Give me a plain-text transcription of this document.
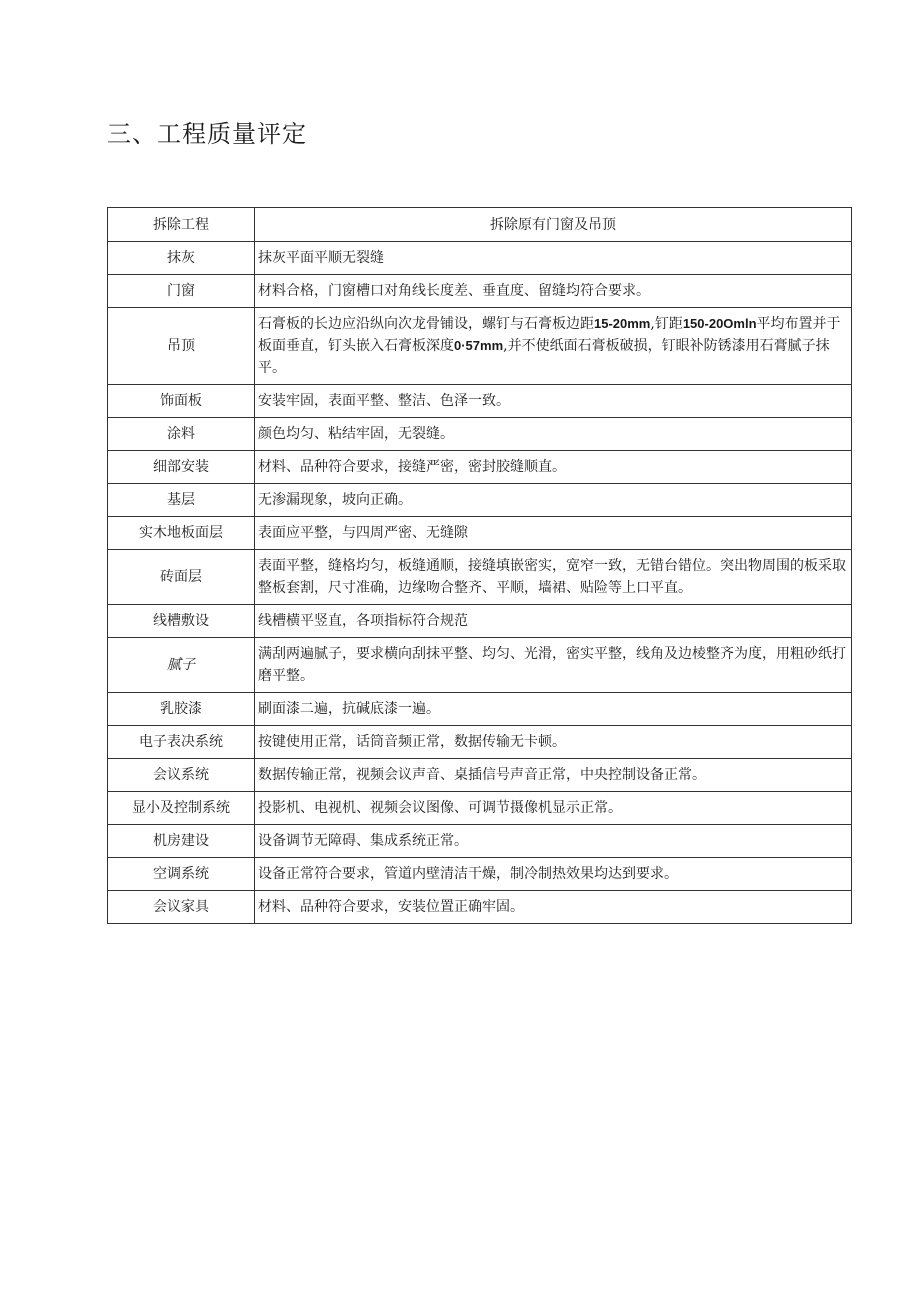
三、工程质量评定
拆除工程	拆除原有门窗及吊顶
抹灰	抹灰平面平顺无裂缝
门窗	材料合格，门窗槽口对角线长度差、垂直度、留缝均符合要求。
吊顶	石膏板的长边应沿纵向次龙骨铺设，螺钉与石膏板边距15-20mm,钉距150-20Omln平均布置并于板面垂直，钉头嵌入石膏板深度0·57mm,并不使纸面石膏板破损，钉眼补防锈漆用石膏腻子抹平。
饰面板	安装牢固，表面平整、整洁、色泽一致。
涂料	颜色均匀、粘结牢固，无裂缝。
细部安装	材料、品种符合要求，接缝严密，密封胶缝顺直。
基层	无渗漏现象，坡向正确。
实木地板面层	表面应平整，与四周严密、无缝隙
砖面层	表面平整，缝格均匀，板缝通顺，接缝填嵌密实，宽窄一致，无错台错位。突出物周围的板采取整板套割，尺寸准确，边缘吻合整齐、平顺，墙裙、贴险等上口平直。
线槽敷设	线槽横平竖直，各项指标符合规范
腻子	满刮两遍腻子，要求横向刮抹平整、均匀、光滑，密实平整，线角及边棱整齐为度，用粗砂纸打磨平整。
乳胶漆	刷面漆二遍，抗碱底漆一遍。
电子表决系统	按键使用正常，话筒音频正常，数据传输无卡顿。
会议系统	数据传输正常，视频会议声音、桌插信号声音正常，中央控制设备正常。
显小及控制系统	投影机、电视机、视频会议图像、可调节摄像机显示正常。
机房建设	设备调节无障碍、集成系统正常。
空调系统	设备正常符合要求，管道内壁清洁干燥，制冷制热效果均达到要求。
会议家具	材料、品种符合要求，安装位置正确牢固。
